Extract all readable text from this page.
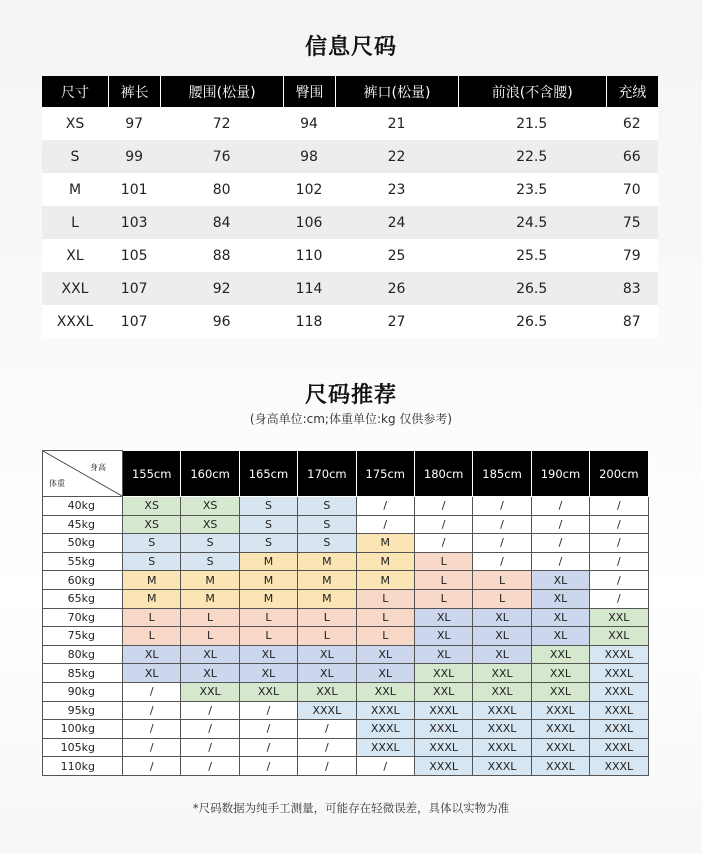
信息尺码
尺寸	裤长	腰围(松量)	臀围	裤口(松量)	前浪(不含腰)	充绒
XS	97	72	94	21	21.5	62
S	99	76	98	22	22.5	66
M	101	80	102	23	23.5	70
L	103	84	106	24	24.5	75
XL	105	88	110	25	25.5	79
XXL	107	92	114	26	26.5	83
XXXL	107	96	118	27	26.5	87
尺码推荐
(身高单位:cm;体重单位:kg 仅供参考)
身高
体重	155cm	160cm	165cm	170cm	175cm	180cm	185cm	190cm	200cm
40kg	XS	XS	S	S	/	/	/	/	/
45kg	XS	XS	S	S	/	/	/	/	/
50kg	S	S	S	S	M	/	/	/	/
55kg	S	S	M	M	M	L	/	/	/
60kg	M	M	M	M	M	L	L	XL	/
65kg	M	M	M	M	L	L	L	XL	/
70kg	L	L	L	L	L	XL	XL	XL	XXL
75kg	L	L	L	L	L	XL	XL	XL	XXL
80kg	XL	XL	XL	XL	XL	XL	XL	XXL	XXXL
85kg	XL	XL	XL	XL	XL	XXL	XXL	XXL	XXXL
90kg	/	XXL	XXL	XXL	XXL	XXL	XXL	XXL	XXXL
95kg	/	/	/	XXXL	XXXL	XXXL	XXXL	XXXL	XXXL
100kg	/	/	/	/	XXXL	XXXL	XXXL	XXXL	XXXL
105kg	/	/	/	/	XXXL	XXXL	XXXL	XXXL	XXXL
110kg	/	/	/	/	/	XXXL	XXXL	XXXL	XXXL
*尺码数据为纯手工测量，可能存在轻微误差，具体以实物为准
